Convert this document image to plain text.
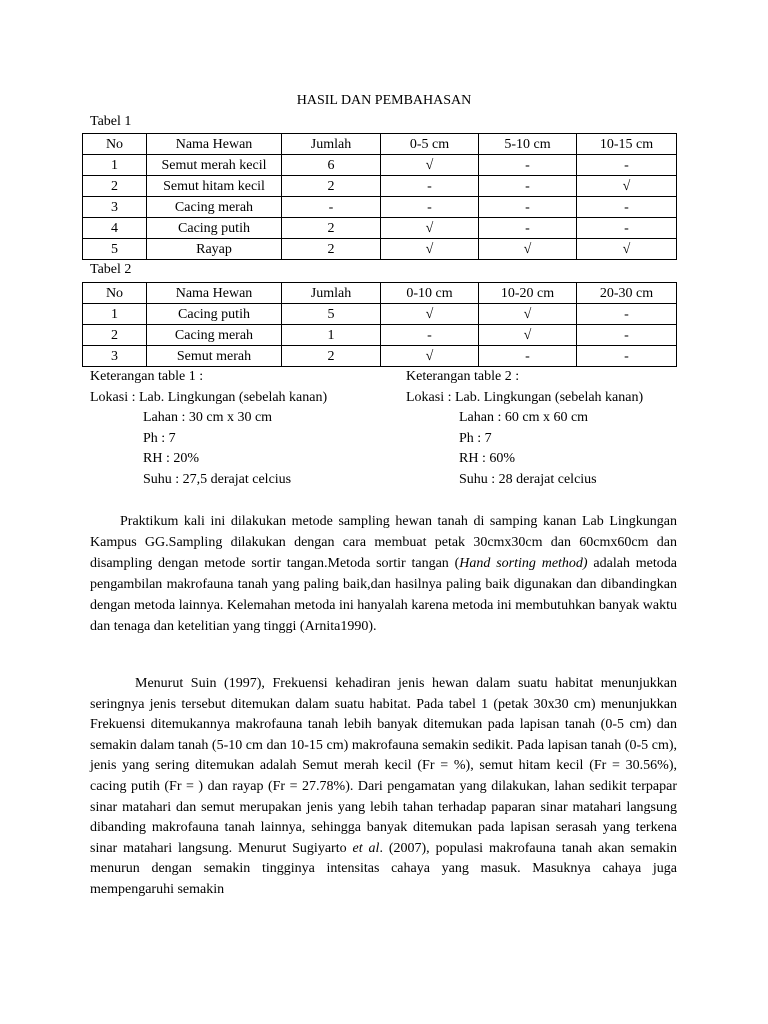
HASIL DAN PEMBAHASAN
Tabel 1
No	Nama Hewan	Jumlah	0-5 cm	5-10 cm	10-15 cm
1	Semut merah kecil	6	√	-	-
2	Semut hitam kecil	2	-	-	√
3	Cacing merah	-	-	-	-
4	Cacing putih	2	√	-	-
5	Rayap	2	√	√	√
Tabel 2
No	Nama Hewan	Jumlah	0-10 cm	10-20 cm	20-30 cm
1	Cacing putih	5	√	√	-
2	Cacing merah	1	-	√	-
3	Semut merah	2	√	-	-
Keterangan table 1 :
Lokasi : Lab. Lingkungan (sebelah kanan)
Lahan : 30 cm x 30 cm
Ph : 7
RH : 20%
Suhu : 27,5 derajat celcius
Keterangan table 2 :
Lokasi : Lab. Lingkungan (sebelah kanan)
Lahan : 60 cm x 60 cm
Ph : 7
RH : 60%
Suhu : 28 derajat celcius
Praktikum kali ini dilakukan metode sampling hewan tanah di samping kanan Lab Lingkungan Kampus GG.Sampling dilakukan dengan cara membuat petak 30cmx30cm dan 60cmx60cm dan disampling dengan metode sortir tangan.Metoda sortir tangan (Hand sorting method) adalah metoda pengambilan makrofauna tanah yang paling baik,dan hasilnya paling baik digunakan dan dibandingkan dengan metoda lainnya. Kelemahan metoda ini hanyalah karena metoda ini membutuhkan banyak waktu dan tenaga dan ketelitian yang tinggi (Arnita1990).
Menurut Suin (1997), Frekuensi kehadiran jenis hewan dalam suatu habitat menunjukkan seringnya jenis tersebut ditemukan dalam suatu habitat. Pada tabel 1 (petak 30x30 cm) menunjukkan Frekuensi ditemukannya makrofauna tanah lebih banyak ditemukan pada lapisan tanah (0-5 cm) dan semakin dalam tanah (5-10 cm dan 10-15 cm) makrofauna semakin sedikit. Pada lapisan tanah (0-5 cm), jenis yang sering ditemukan adalah Semut merah kecil (Fr = %), semut hitam kecil (Fr = 30.56%), cacing putih (Fr = ) dan rayap (Fr = 27.78%). Dari pengamatan yang dilakukan, lahan sedikit terpapar sinar matahari dan semut merupakan jenis yang lebih tahan terhadap paparan sinar matahari langsung dibanding makrofauna tanah lainnya, sehingga banyak ditemukan pada lapisan serasah yang terkena sinar matahari langsung. Menurut Sugiyarto et al. (2007), populasi makrofauna tanah akan semakin menurun dengan semakin tingginya intensitas cahaya yang masuk. Masuknya cahaya juga mempengaruhi semakin
